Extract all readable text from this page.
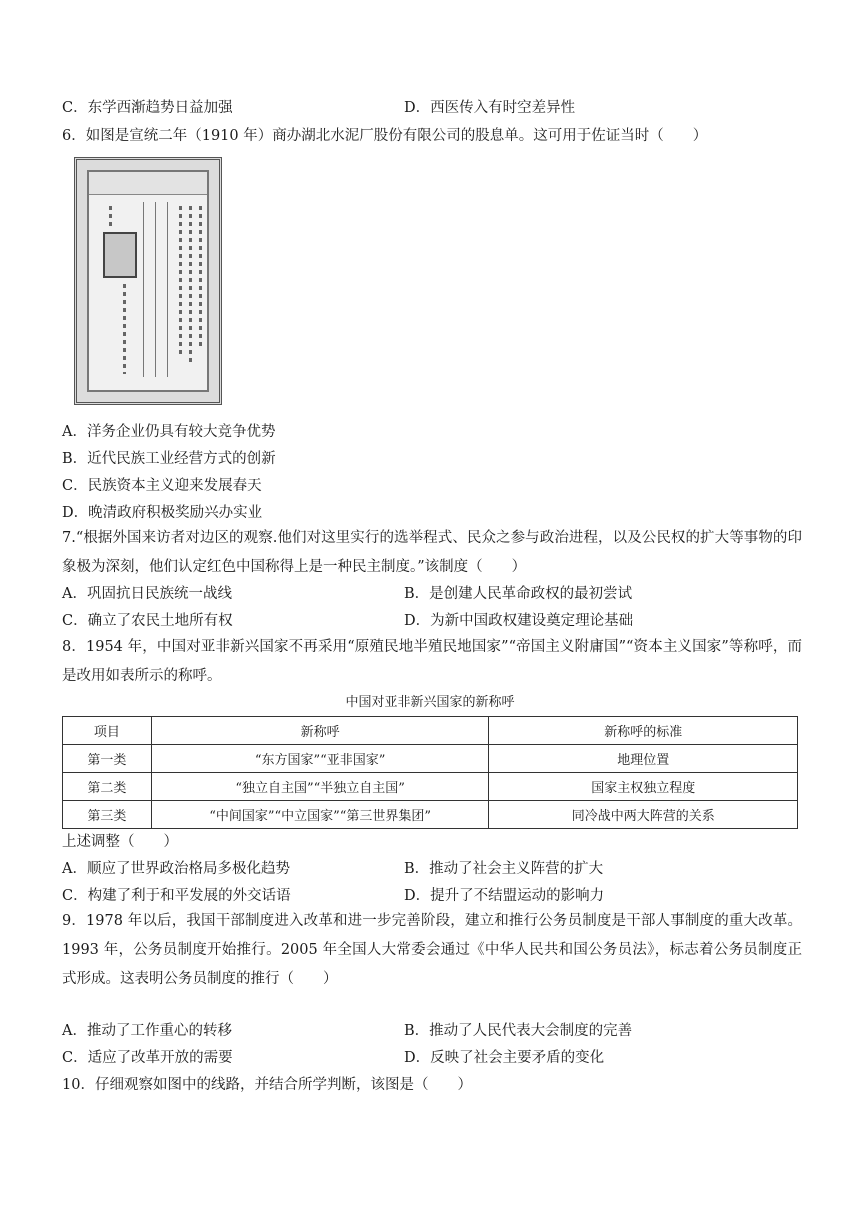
C．东学西渐趋势日益加强	D．西医传入有时空差异性
6．如图是宣统二年（1910 年）商办湖北水泥厂股份有限公司的股息单。这可用于佐证当时（　　）
A．洋务企业仍具有较大竞争优势
B．近代民族工业经营方式的创新
C．民族资本主义迎来发展春天
D．晚清政府积极奖励兴办实业
7.“根据外国来访者对边区的观察.他们对这里实行的选举程式、民众之参与政治进程，以及公民权的扩大等事物的印象极为深刻，他们认定红色中国称得上是一种民主制度。”该制度（　　）
A．巩固抗日民族统一战线	B．是创建人民革命政权的最初尝试
C．确立了农民土地所有权	D．为新中国政权建设奠定理论基础
8．1954 年，中国对亚非新兴国家不再采用“原殖民地半殖民地国家”“帝国主义附庸国”“资本主义国家”等称呼，而是改用如表所示的称呼。
中国对亚非新兴国家的新称呼
项目	新称呼	新称呼的标准
第一类	“东方国家”“亚非国家”	地理位置
第二类	“独立自主国”“半独立自主国”	国家主权独立程度
第三类	“中间国家”“中立国家”“第三世界集团”	同冷战中两大阵营的关系
上述调整（　　）
A．顺应了世界政治格局多极化趋势	B．推动了社会主义阵营的扩大
C．构建了利于和平发展的外交话语	D．提升了不结盟运动的影响力
9．1978 年以后，我国干部制度进入改革和进一步完善阶段，建立和推行公务员制度是干部人事制度的重大改革。1993 年，公务员制度开始推行。2005 年全国人大常委会通过《中华人民共和国公务员法》，标志着公务员制度正式形成。这表明公务员制度的推行（　　）
A．推动了工作重心的转移	B．推动了人民代表大会制度的完善
C．适应了改革开放的需要	D．反映了社会主要矛盾的变化
10．仔细观察如图中的线路，并结合所学判断，该图是（　　）
